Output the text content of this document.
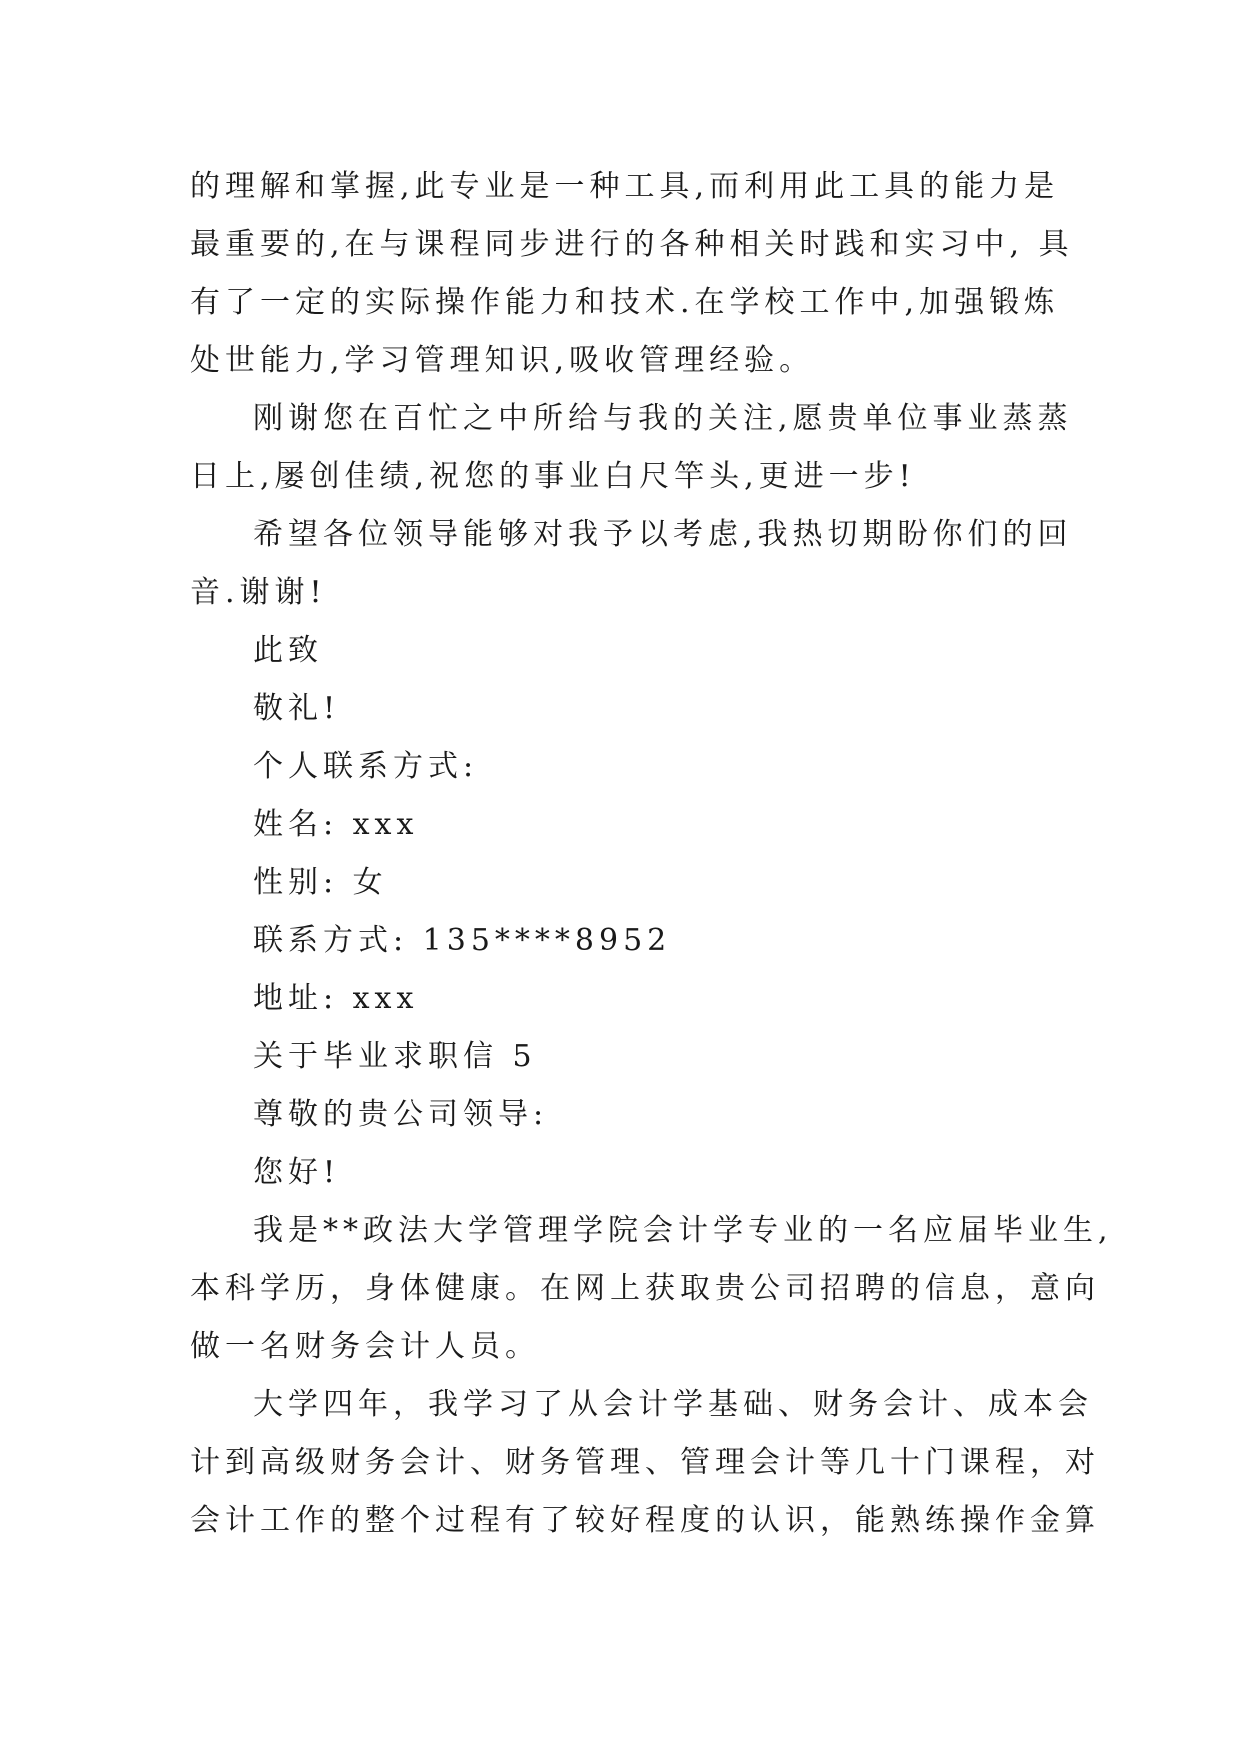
的理解和掌握,此专业是一种工具,而利用此工具的能力是
最重要的,在与课程同步进行的各种相关时践和实习中, 具
有了一定的实际操作能力和技术.在学校工作中,加强锻炼
处世能力,学习管理知识,吸收管理经验。
刚谢您在百忙之中所给与我的关注,愿贵单位事业蒸蒸
日上,屡创佳绩,祝您的事业白尺竿头,更进一步!
希望各位领导能够对我予以考虑,我热切期盼你们的回
音.谢谢!
此致
敬礼!
个人联系方式:
姓名: xxx
性别: 女
联系方式: 135****8952
地址: xxx
关于毕业求职信 5
尊敬的贵公司领导:
您好!
我是**政法大学管理学院会计学专业的一名应届毕业生,
本科学历，身体健康。在网上获取贵公司招聘的信息，意向
做一名财务会计人员。
大学四年，我学习了从会计学基础、财务会计、成本会
计到高级财务会计、财务管理、管理会计等几十门课程，对
会计工作的整个过程有了较好程度的认识，能熟练操作金算
